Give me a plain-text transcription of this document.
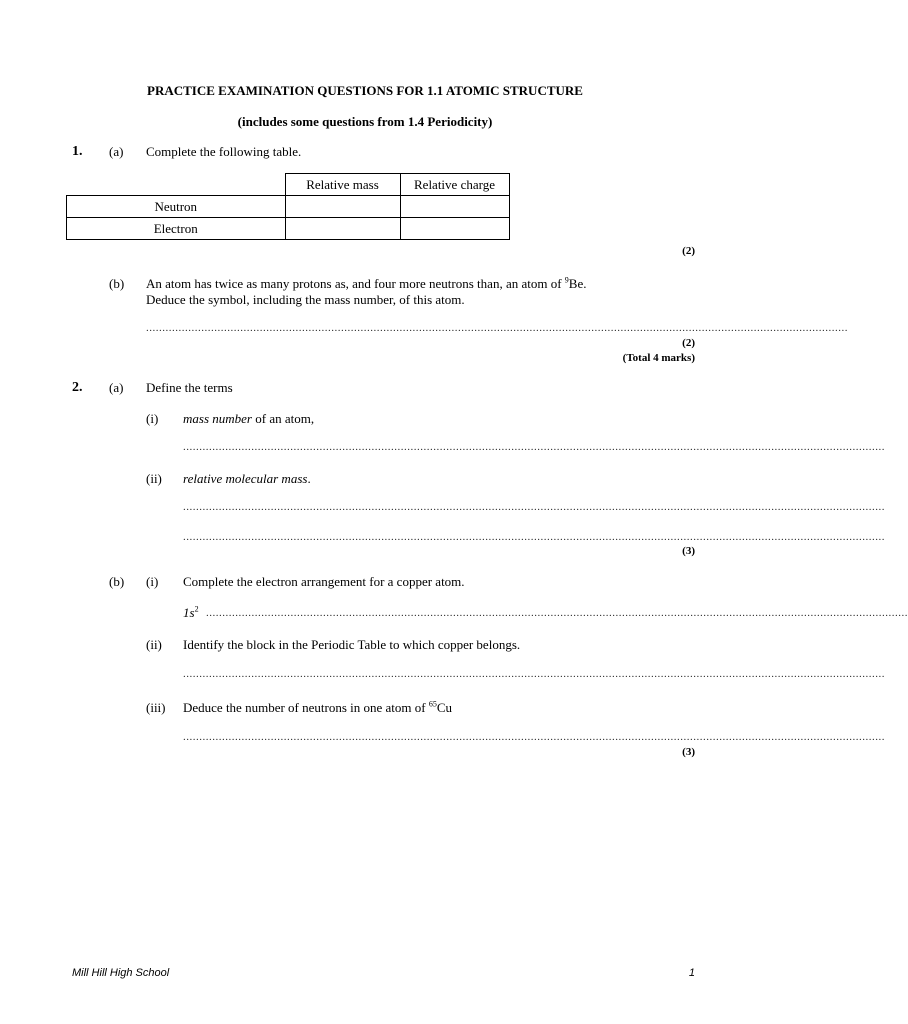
PRACTICE EXAMINATION QUESTIONS FOR 1.1 ATOMIC STRUCTURE
(includes some questions from 1.4 Periodicity)
1. (a) Complete the following table.
	Relative mass	Relative charge
Neutron		
Electron		
(2)
(b) An atom has twice as many protons as, and four more neutrons than, an atom of $^9$Be.
Deduce the symbol, including the mass number, of this atom.
........................................................................................................................................................................................................................
(2)
(Total 4 marks)
2. (a) Define the terms
(i) mass number of an atom,
........................................................................................................................................................................................................................
(ii) relative molecular mass.
........................................................................................................................................................................................................................
........................................................................................................................................................................................................................
(3)
(b) (i) Complete the electron arrangement for a copper atom.
$1s^2$ ........................................................................................................................................................................................................................
(ii) Identify the block in the Periodic Table to which copper belongs.
........................................................................................................................................................................................................................
(iii) Deduce the number of neutrons in one atom of $^{65}$Cu
........................................................................................................................................................................................................................
(3)
Mill Hill High School	1
